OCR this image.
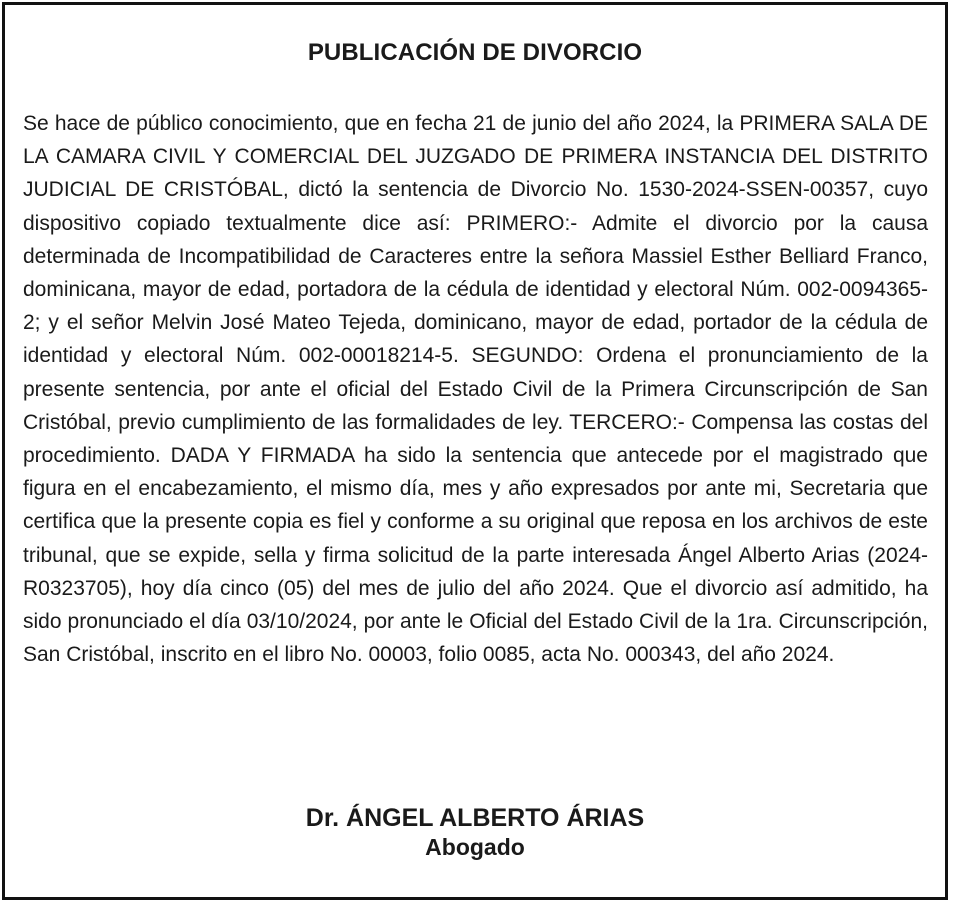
PUBLICACIÓN DE DIVORCIO

Se hace de público conocimiento, que en fecha 21 de junio del año 2024, la PRIMERA SALA DE LA CAMARA CIVIL Y COMERCIAL DEL JUZGADO DE PRIMERA INSTANCIA DEL DISTRITO JUDICIAL DE CRISTÓBAL, dictó la sentencia de Divorcio No. 1530-2024-SSEN-00357, cuyo dispositivo copiado textualmente dice así: PRIMERO:- Admite el divorcio por la causa determinada de Incompatibilidad de Caracteres entre la señora Massiel Esther Belliard Franco, dominicana, mayor de edad, portadora de la cédula de identidad y electoral Núm. 002-0094365-2; y el señor Melvin José Mateo Tejeda, dominicano, mayor de edad, portador de la cédula de identidad y electoral Núm. 002-00018214-5. SEGUNDO: Ordena el pronunciamiento de la presente sentencia, por ante el oficial del Estado Civil de la Primera Circunscripción de San Cristóbal, previo cumplimiento de las formalidades de ley. TERCERO:- Compensa las costas del procedimiento. DADA Y FIRMADA ha sido la sentencia que antecede por el magistrado que figura en el encabezamiento, el mismo día, mes y año expresados por ante mi, Secretaria que certifica que la presente copia es fiel y conforme a su original que reposa en los archivos de este tribunal, que se expide, sella y firma solicitud de la parte interesada Ángel Alberto Arias (2024-R0323705), hoy día cinco (05) del mes de julio del año 2024. Que el divorcio así admitido, ha sido pronunciado el día 03/10/2024, por ante le Oficial del Estado Civil de la 1ra. Circunscripción, San Cristóbal, inscrito en el libro No. 00003, folio 0085, acta No. 000343, del año 2024.

Dr. ÁNGEL ALBERTO ÁRIAS
Abogado
